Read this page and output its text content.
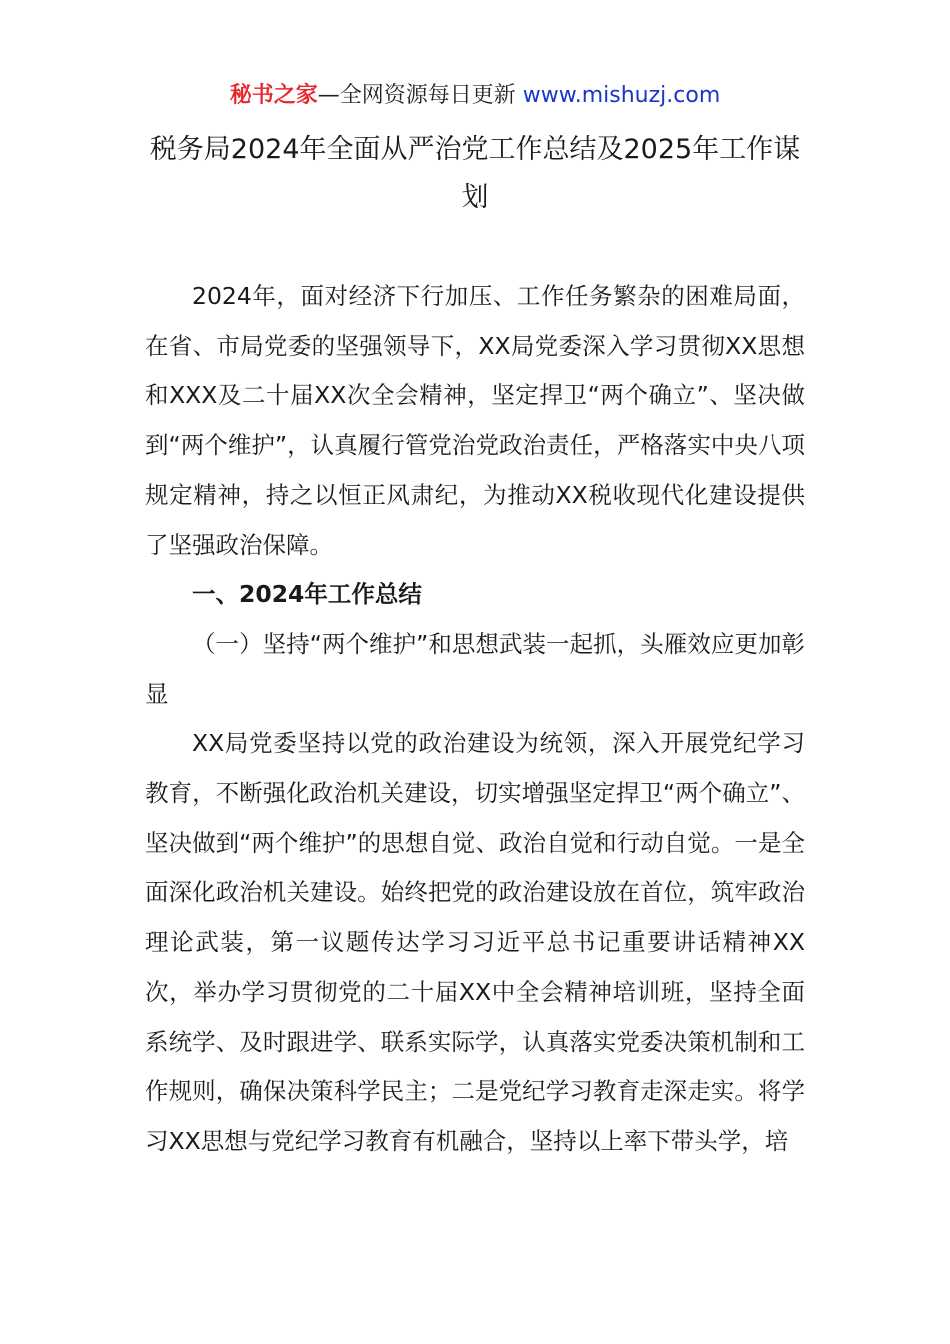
秘书之家—全网资源每日更新 www.mishuzj.com
税务局2024年全面从严治党工作总结及2025年工作谋划

2024年，面对经济下行加压、工作任务繁杂的困难局面，在省、市局党委的坚强领导下，XX局党委深入学习贯彻XX思想和XXX及二十届XX次全会精神，坚定捍卫“两个确立”、坚决做到“两个维护”，认真履行管党治党政治责任，严格落实中央八项规定精神，持之以恒正风肃纪，为推动XX税收现代化建设提供了坚强政治保障。

一、2024年工作总结

（一）坚持“两个维护”和思想武装一起抓，头雁效应更加彰显

XX局党委坚持以党的政治建设为统领，深入开展党纪学习教育，不断强化政治机关建设，切实增强坚定捍卫“两个确立”、坚决做到“两个维护”的思想自觉、政治自觉和行动自觉。一是全面深化政治机关建设。始终把党的政治建设放在首位，筑牢政治理论武装，第一议题传达学习习近平总书记重要讲话精神XX次，举办学习贯彻党的二十届XX中全会精神培训班，坚持全面系统学、及时跟进学、联系实际学，认真落实党委决策机制和工作规则，确保决策科学民主；二是党纪学习教育走深走实。将学习XX思想与党纪学习教育有机融合，坚持以上率下带头学，培
